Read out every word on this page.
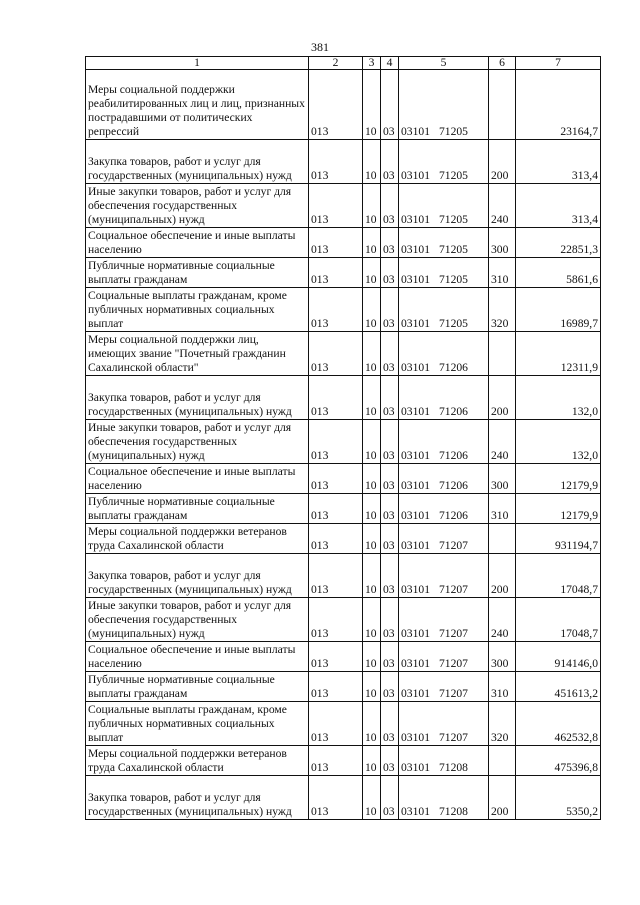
381
1	2	3	4	5	6	7
Меры социальной поддержки реабилитированных лиц и лиц, признанных пострадавшими от политических репрессий	013	10	03	03101 71205		23164,7
Закупка товаров, работ и услуг для государственных (муниципальных) нужд	013	10	03	03101 71205	200	313,4
Иные закупки товаров, работ и услуг для обеспечения государственных (муниципальных) нужд	013	10	03	03101 71205	240	313,4
Социальное обеспечение и иные выплаты населению	013	10	03	03101 71205	300	22851,3
Публичные нормативные социальные выплаты гражданам	013	10	03	03101 71205	310	5861,6
Социальные выплаты гражданам, кроме публичных нормативных социальных выплат	013	10	03	03101 71205	320	16989,7
Меры социальной поддержки лиц, имеющих звание "Почетный гражданин Сахалинской области"	013	10	03	03101 71206		12311,9
Закупка товаров, работ и услуг для государственных (муниципальных) нужд	013	10	03	03101 71206	200	132,0
Иные закупки товаров, работ и услуг для обеспечения государственных (муниципальных) нужд	013	10	03	03101 71206	240	132,0
Социальное обеспечение и иные выплаты населению	013	10	03	03101 71206	300	12179,9
Публичные нормативные социальные выплаты гражданам	013	10	03	03101 71206	310	12179,9
Меры социальной поддержки ветеранов труда Сахалинской области	013	10	03	03101 71207		931194,7
Закупка товаров, работ и услуг для государственных (муниципальных) нужд	013	10	03	03101 71207	200	17048,7
Иные закупки товаров, работ и услуг для обеспечения государственных (муниципальных) нужд	013	10	03	03101 71207	240	17048,7
Социальное обеспечение и иные выплаты населению	013	10	03	03101 71207	300	914146,0
Публичные нормативные социальные выплаты гражданам	013	10	03	03101 71207	310	451613,2
Социальные выплаты гражданам, кроме публичных нормативных социальных выплат	013	10	03	03101 71207	320	462532,8
Меры социальной поддержки ветеранов труда Сахалинской области	013	10	03	03101 71208		475396,8
Закупка товаров, работ и услуг для государственных (муниципальных) нужд	013	10	03	03101 71208	200	5350,2
